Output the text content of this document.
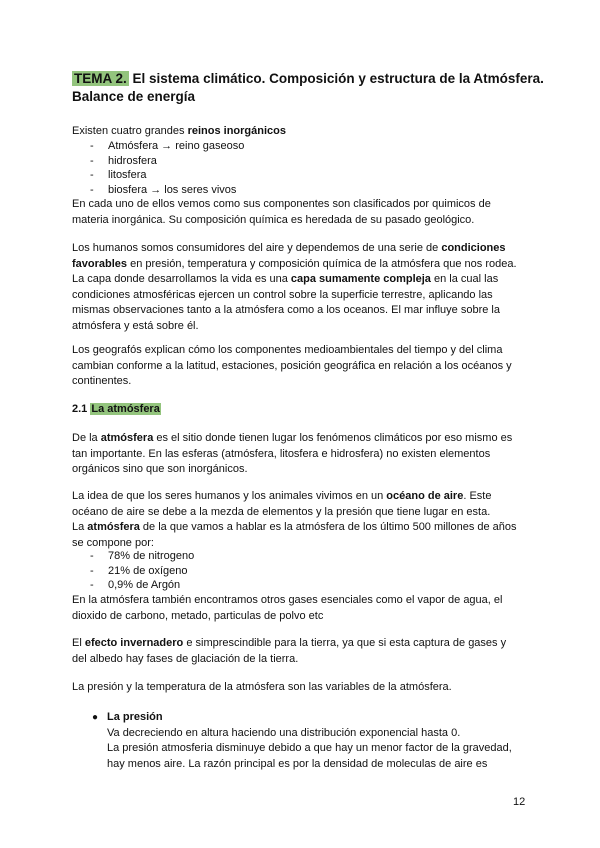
TEMA 2. El sistema climático. Composición y estructura de la Atmósfera.
Balance de energía
Existen cuatro grandes reinos inorgánicos
- Atmósfera → reino gaseoso
- hidrosfera
- litosfera
- biosfera → los seres vivos
En cada uno de ellos vemos como sus componentes son clasificados por quimicos de
materia inorgánica. Su composición química es heredada de su pasado geológico.
Los humanos somos consumidores del aire y dependemos de una serie de condiciones
favorables en presión, temperatura y composición química de la atmósfera que nos rodea.
La capa donde desarrollamos la vida es una capa sumamente compleja en la cual las
condiciones atmosféricas ejercen un control sobre la superficie terrestre, aplicando las
mismas observaciones tanto a la atmósfera como a los oceanos. El mar influye sobre la
atmósfera y está sobre él.
Los geografós explican cómo los componentes medioambientales del tiempo y del clima
cambian conforme a la latitud, estaciones, posición geográfica en relación a los océanos y
continentes.
2.1 La atmósfera
De la atmósfera es el sitio donde tienen lugar los fenómenos climáticos por eso mismo es
tan importante. En las esferas (atmósfera, litosfera e hidrosfera) no existen elementos
orgánicos sino que son inorgánicos.
La idea de que los seres humanos y los animales vivimos en un océano de aire. Este
océano de aire se debe a la mezda de elementos y la presión que tiene lugar en esta.
La atmósfera de la que vamos a hablar es la atmósfera de los último 500 millones de años
se compone por:
- 78% de nitrogeno
- 21% de oxígeno
- 0,9% de Argón
En la atmósfera también encontramos otros gases esenciales como el vapor de agua, el
dioxido de carbono, metado, particulas de polvo etc
El efecto invernadero e simprescindible para la tierra, ya que si esta captura de gases y
del albedo hay fases de glaciación de la tierra.
La presión y la temperatura de la atmósfera son las variables de la atmósfera.
● La presión
Va decreciendo en altura haciendo una distribución exponencial hasta 0.
La presión atmosferia disminuye debido a que hay un menor factor de la gravedad,
hay menos aire. La razón principal es por la densidad de moleculas de aire es
12
